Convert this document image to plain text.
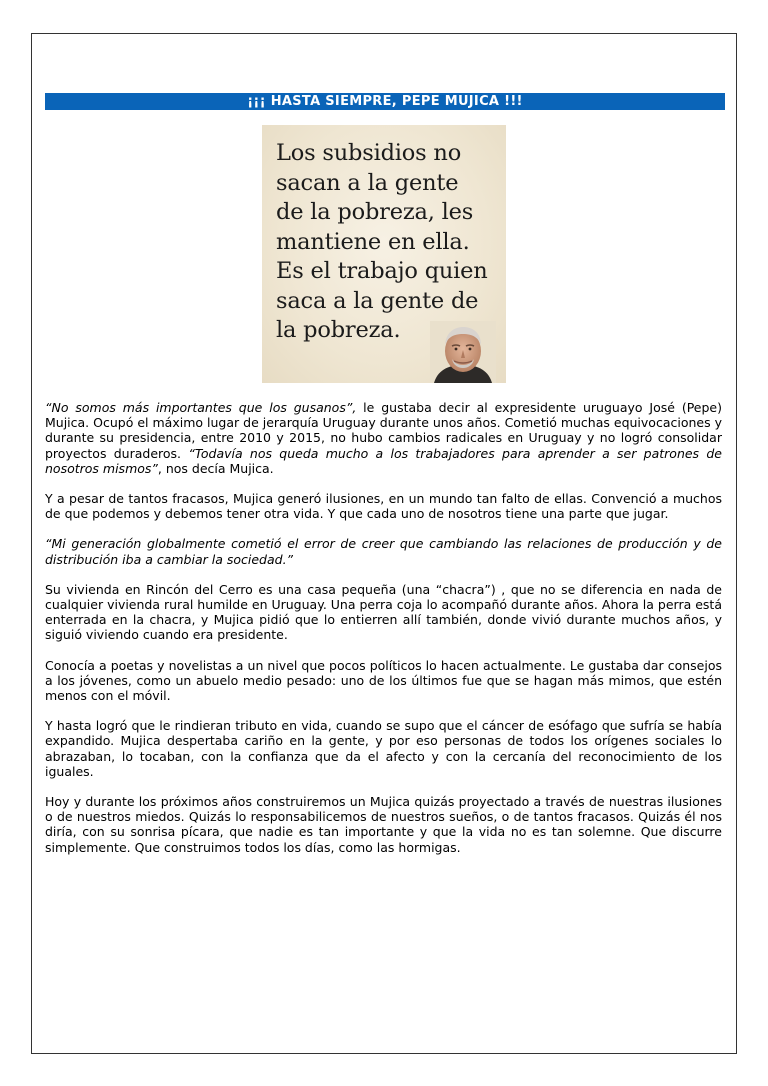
¡¡¡ HASTA SIEMPRE, PEPE MUJICA !!!
Los subsidios no
sacan a la gente
de la pobreza, les
mantiene en ella.
Es el trabajo quien
saca a la gente de
la pobreza.

“No somos más importantes que los gusanos”, le gustaba decir al expresidente uruguayo José (Pepe) Mujica. Ocupó el máximo lugar de jerarquía Uruguay durante unos años. Cometió muchas equivocaciones y durante su presidencia, entre 2010 y 2015, no hubo cambios radicales en Uruguay y no logró consolidar proyectos duraderos. “Todavía nos queda mucho a los trabajadores para aprender a ser patrones de nosotros mismos”, nos decía Mujica.

Y a pesar de tantos fracasos, Mujica generó ilusiones, en un mundo tan falto de ellas. Convenció a muchos de que podemos y debemos tener otra vida. Y que cada uno de nosotros tiene una parte que jugar.

“Mi generación globalmente cometió el error de creer que cambiando las relaciones de producción y de distribución iba a cambiar la sociedad.”

Su vivienda en Rincón del Cerro es una casa pequeña (una “chacra”) , que no se diferencia en nada de cualquier vivienda rural humilde en Uruguay. Una perra coja lo acompañó durante años. Ahora la perra está enterrada en la chacra, y Mujica pidió que lo entierren allí también, donde vivió durante muchos años, y siguió viviendo cuando era presidente.

Conocía a poetas y novelistas a un nivel que pocos políticos lo hacen actualmente. Le gustaba dar consejos a los jóvenes, como un abuelo medio pesado: uno de los últimos fue que se hagan más mimos, que estén menos con el móvil.

Y hasta logró que le rindieran tributo en vida, cuando se supo que el cáncer de esófago que sufría se había expandido. Mujica despertaba cariño en la gente, y por eso personas de todos los orígenes sociales lo abrazaban, lo tocaban, con la confianza que da el afecto y con la cercanía del reconocimiento de los iguales.

Hoy y durante los próximos años construiremos un Mujica quizás proyectado a través de nuestras ilusiones o de nuestros miedos. Quizás lo responsabilicemos de nuestros sueños, o de tantos fracasos. Quizás él nos diría, con su sonrisa pícara, que nadie es tan importante y que la vida no es tan solemne. Que discurre simplemente. Que construimos todos los días, como las hormigas.
